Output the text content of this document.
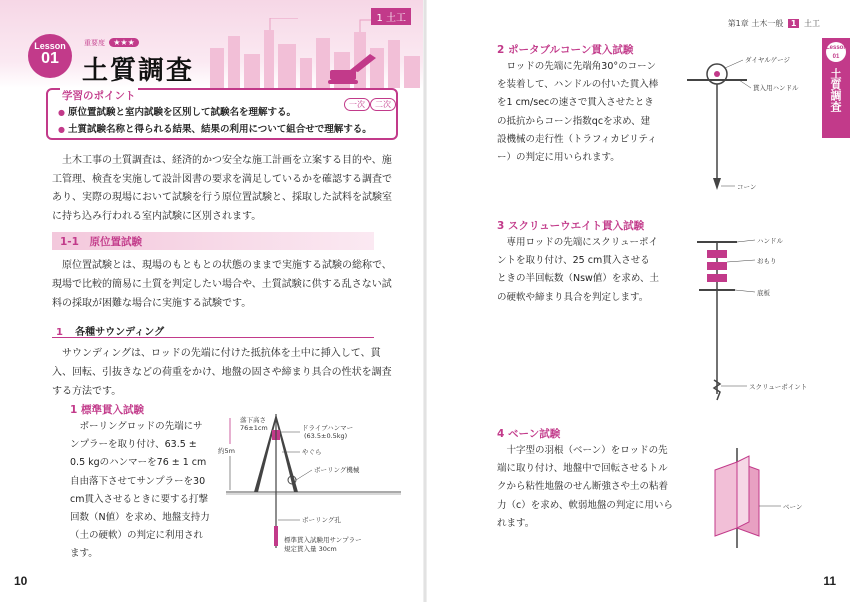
1 土工
Lesson
01
重要度 ★★★
土質調査
学習のポイント
一次	二次
● 原位置試験と室内試験を区別して試験名を理解する。
● 土質試験名称と得られる結果、結果の利用について組合せで理解する。

土木工事の土質調査は、経済的かつ安全な施工計画を立案する目的や、施工管理、検査を実施して設計図書の要求を満足しているかを確認する調査であり、実際の現場において試験を行う原位置試験と、採取した試料を試験室に持ち込み行われる室内試験に区別されます。

1-1　原位置試験

原位置試験とは、現場のもともとの状態のままで実施する試験の総称で、現場で比較的簡易に土質を判定したい場合や、土質試験に供する乱さない試料の採取が困難な場合に実施する試験です。

1 各種サウンディング

サウンディングは、ロッドの先端に付けた抵抗体を土中に挿入して、貫入、回転、引抜きなどの荷重をかけ、地盤の固さや締まり具合の性状を調査する方法です。

1 標準貫入試験

ボーリングロッドの先端にサンプラーを取り付け、63.5 ± 0.5 kgのハンマーを76 ± 1 cm自由落下させてサンプラーを30 cm貫入させるときに要する打撃回数（N値）を求め、地盤支持力（土の硬軟）の判定に利用されます。

落下高さ
76±1cm	ドライブハンマー
(63.5±0.5kg)
やぐら
ボーリング機械
約5m
ボーリング孔
標準貫入試験用サンプラー
規定貫入量 30cm
10
第1章 土木一般 1 土工
Lesson
01
土質調査
2 ポータブルコーン貫入試験

ロッドの先端に先端角30°のコーンを装着して、ハンドルの付いた貫入棒を1 cm/secの速さで貫入させたときの抵抗からコーン指数qcを求め、建設機械の走行性（トラフィカビリティー）の判定に用いられます。

ダイヤルゲージ
貫入用ハンドル
コーン
3 スクリューウエイト貫入試験

専用ロッドの先端にスクリューポイントを取り付け、25 cm貫入させるときの半回転数（Nsw値）を求め、土の硬軟や締まり具合を判定します。

ハンドル
おもり
底板
スクリューポイント
4 ベーン試験

十字型の羽根（ベーン）をロッドの先端に取り付け、地盤中で回転させるトルクから粘性地盤のせん断強さや土の粘着力（c）を求め、軟弱地盤の判定に用いられます。

ベーン
11
